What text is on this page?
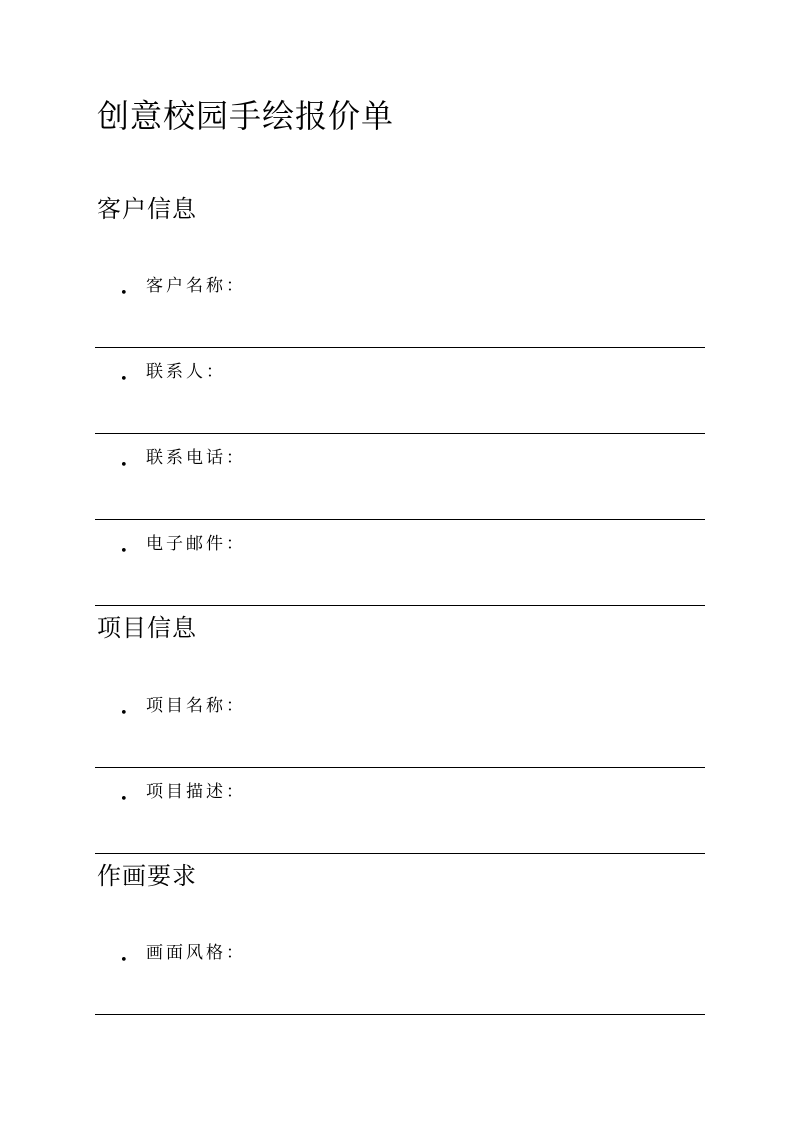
创意校园手绘报价单
客户信息
• 客户名称：
• 联系人：
• 联系电话：
• 电子邮件：
项目信息
• 项目名称：
• 项目描述：
作画要求
• 画面风格：
